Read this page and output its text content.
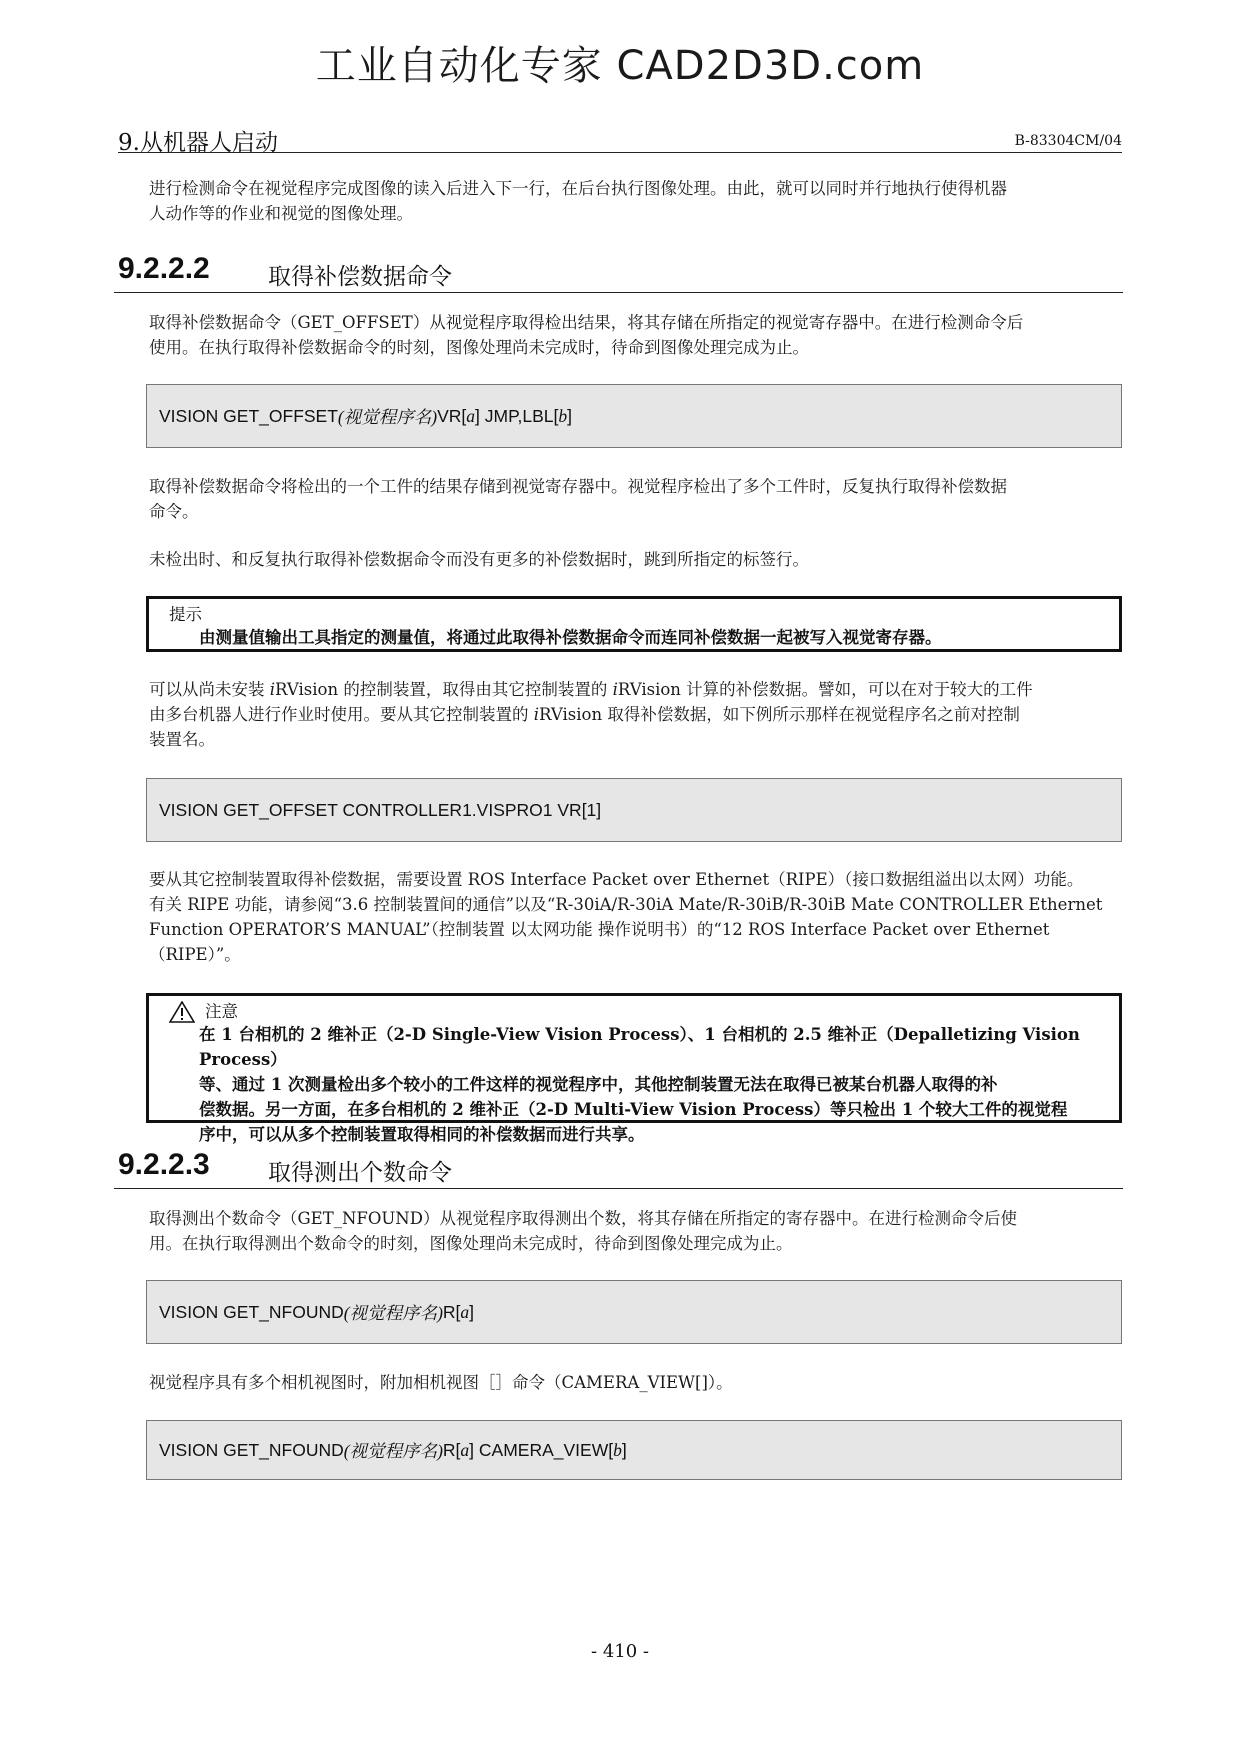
工业自动化专家 CAD2D3D.com
9.从机器人启动	B-83304CM/04
进行检测命令在视觉程序完成图像的读入后进入下一行，在后台执行图像处理。由此，就可以同时并行地执行使得机器
人动作等的作业和视觉的图像处理。
9.2.2.2	取得补偿数据命令
取得补偿数据命令（GET_OFFSET）从视觉程序取得检出结果，将其存储在所指定的视觉寄存器中。在进行检测命令后
使用。在执行取得补偿数据命令的时刻，图像处理尚未完成时，待命到图像处理完成为止。
VISION GET_OFFSET (视觉程序名) VR[ a ] JMP,LBL[ b ]
取得补偿数据命令将检出的一个工件的结果存储到视觉寄存器中。视觉程序检出了多个工件时，反复执行取得补偿数据
命令。
未检出时、和反复执行取得补偿数据命令而没有更多的补偿数据时，跳到所指定的标签行。
提示
由测量值输出工具指定的测量值，将通过此取得补偿数据命令而连同补偿数据一起被写入视觉寄存器。
可以从尚未安装 iRVision 的控制装置，取得由其它控制装置的 iRVision 计算的补偿数据。譬如，可以在对于较大的工件
由多台机器人进行作业时使用。要从其它控制装置的 iRVision 取得补偿数据，如下例所示那样在视觉程序名之前对控制
装置名。
VISION GET_OFFSET CONTROLLER1.VISPRO1 VR[1]
要从其它控制装置取得补偿数据，需要设置 ROS Interface Packet over Ethernet（RIPE）（接口数据组溢出以太网）功能。
有关 RIPE 功能，请参阅“3.6 控制装置间的通信”以及“R-30iA/R-30iA Mate/R-30iB/R-30iB Mate CONTROLLER Ethernet
Function OPERATOR’S MANUAL”（控制装置 以太网功能 操作说明书）的“12 ROS Interface Packet over Ethernet
（RIPE）”。
注意
在 1 台相机的 2 维补正（2-D Single-View Vision Process）、1 台相机的 2.5 维补正（Depalletizing Vision Process）
等、通过 1 次测量检出多个较小的工件这样的视觉程序中，其他控制装置无法在取得已被某台机器人取得的补
偿数据。另一方面，在多台相机的 2 维补正（2-D Multi-View Vision Process）等只检出 1 个较大工件的视觉程
序中，可以从多个控制装置取得相同的补偿数据而进行共享。
9.2.2.3	取得测出个数命令
取得测出个数命令（GET_NFOUND）从视觉程序取得测出个数，将其存储在所指定的寄存器中。在进行检测命令后使
用。在执行取得测出个数命令的时刻，图像处理尚未完成时，待命到图像处理完成为止。
VISION GET_NFOUND (视觉程序名) R[ a ]
视觉程序具有多个相机视图时，附加相机视图［］命令（CAMERA_VIEW[]）。
VISION GET_NFOUND (视觉程序名) R[ a ] CAMERA_VIEW[ b ]
- 410 -
